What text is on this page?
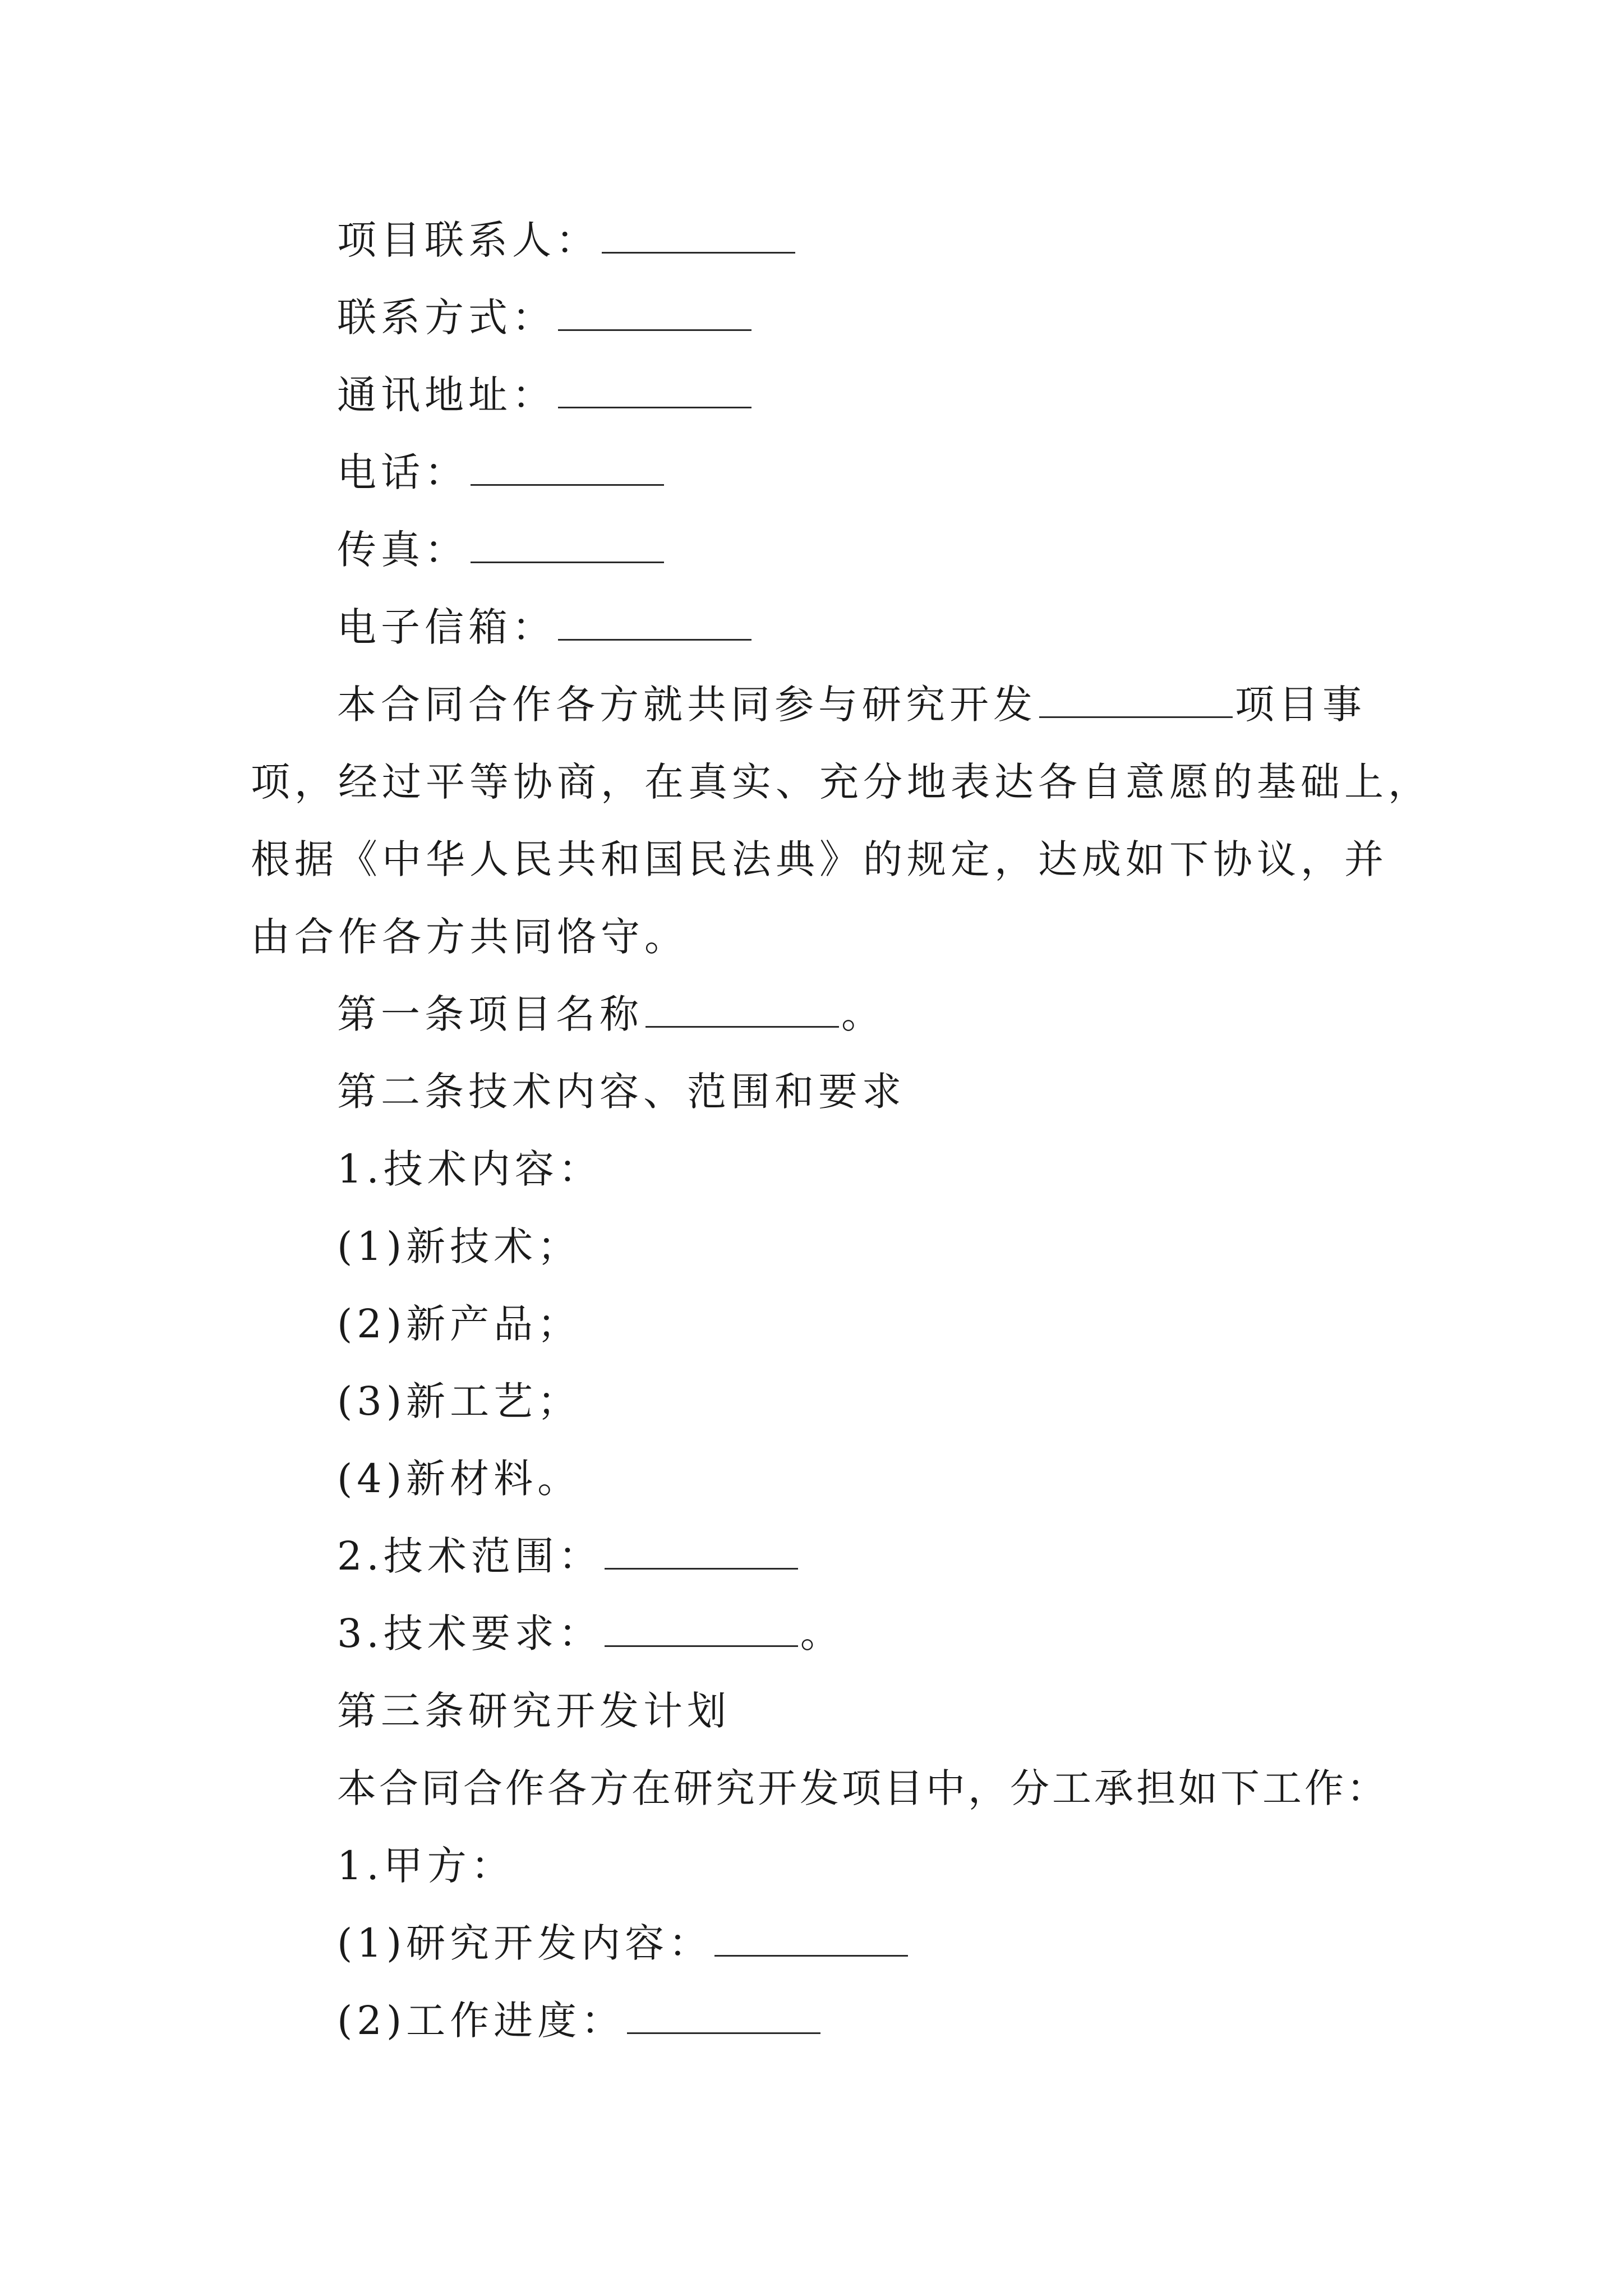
项目联系人：
联系方式：
通讯地址：
电话：
传真：
电子信箱：
本合同合作各方就共同参与研究开发	项目事
项，经过平等协商，在真实、充分地表达各自意愿的基础上，
根据《中华人民共和国民法典》的规定，达成如下协议，并
由合作各方共同恪守。
第一条项目名称	。
第二条技术内容、范围和要求
1.技术内容：
(1)新技术；
(2)新产品；
(3)新工艺；
(4)新材料。
2.技术范围：
3.技术要求：	。
第三条研究开发计划
本合同合作各方在研究开发项目中，分工承担如下工作：
1.甲方：
(1)研究开发内容：
(2)工作进度：
